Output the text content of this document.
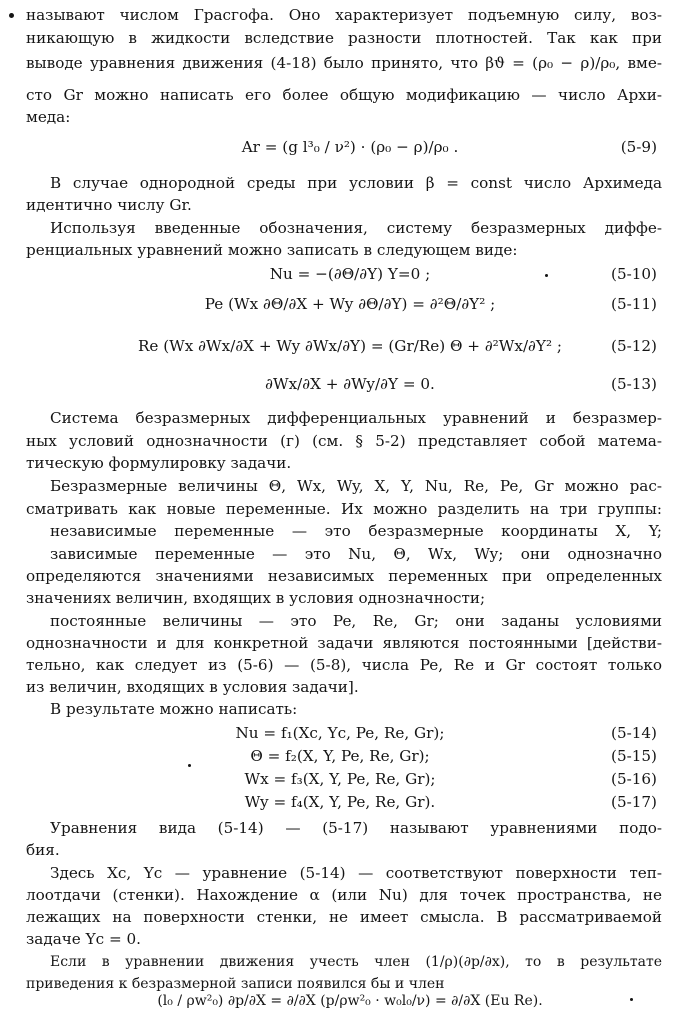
называют числом Грасгофа. Оно характеризует подъемную силу, воз-
никающую в жидкости вследствие разности плотностей. Так как при
выводе уравнения движения (4-18) было принято, что βϑ = (ρ₀ − ρ)/ρ₀, вме-
сто Gr можно написать его более общую модификацию — число Архи-
меда:
Ar = (g l³₀ / ν²) · (ρ₀ − ρ)/ρ₀ .	(5-9)
В случае однородной среды при условии β = const число Архимеда
идентично числу Gr.
Используя введенные обозначения, систему безразмерных диффе-
ренциальных уравнений можно записать в следующем виде:
Nu = −(∂Θ/∂Y) Y=0 ;	(5-10)
Pe (Wx ∂Θ/∂X + Wy ∂Θ/∂Y) = ∂²Θ/∂Y² ;	(5-11)
Re (Wx ∂Wx/∂X + Wy ∂Wx/∂Y) = (Gr/Re) Θ + ∂²Wx/∂Y² ;	(5-12)
∂Wx/∂X + ∂Wy/∂Y = 0.	(5-13)
Система безразмерных дифференциальных уравнений и безразмер-
ных условий однозначности (г) (см. § 5-2) представляет собой матема-
тическую формулировку задачи.
Безразмерные величины Θ, Wx, Wy, X, Y, Nu, Re, Pe, Gr можно рас-
сматривать как новые переменные. Их можно разделить на три группы:
независимые переменные — это безразмерные координаты X, Y;
зависимые переменные — это Nu, Θ, Wx, Wy; они однозначно
определяются значениями независимых переменных при определенных
значениях величин, входящих в условия однозначности;
постоянные величины — это Pe, Re, Gr; они заданы условиями
однозначности и для конкретной задачи являются постоянными [действи-
тельно, как следует из (5-6) — (5-8), числа Pe, Re и Gr состоят только
из величин, входящих в условия задачи].
В результате можно написать:
Nu = f₁(Xc, Yc, Pe, Re, Gr);	(5-14)
Θ = f₂(X, Y, Pe, Re, Gr);	(5-15)
Wx = f₃(X, Y, Pe, Re, Gr);	(5-16)
Wy = f₄(X, Y, Pe, Re, Gr).	(5-17)
Уравнения вида (5-14) — (5-17) называют уравнениями подо-
бия.
Здесь Xc, Yc — уравнение (5-14) — соответствуют поверхности теп-
лоотдачи (стенки). Нахождение α (или Nu) для точек пространства, не
лежащих на поверхности стенки, не имеет смысла. В рассматриваемой
задаче Yc = 0.
Если в уравнении движения учесть член (1/ρ)(∂p/∂x), то в результате
приведения к безразмерной записи появился бы и член
(l₀ / ρw²₀) ∂p/∂X = ∂/∂X (p/ρw²₀ · w₀l₀/ν) = ∂/∂X (Eu Re).
